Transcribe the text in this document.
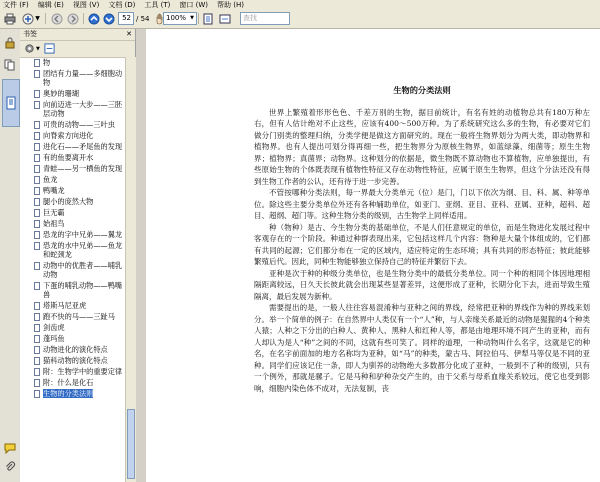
文件 (F) 编辑 (E) 视图 (V) 文档 (D) 工具 (T) 窗口 (W) 帮助 (H)
▼	52 / 54	100% ▼	查找
书签	✕
▼
物
团结有力量——多细胞动物
奥妙的珊瑚
向前迈进一大步——三胚层动物
可贵的动物——三叶虫
向脊索方向进化
进化石——矛尾鱼的发现
有的鱼要离开水
青蛙——另一栖鱼的发现
鱼龙
鸭嘴龙
腿小的庞然大物
巨无霸
始祖鸟
恐龙的字中兄弟——翼龙
恐龙的水中兄弟——鱼龙和蛇颈龙
动物中的优胜者——哺乳动物
下蛋的哺乳动物——鸭嘴兽
塔斯马尼亚虎
跑不快的马——三趾马
剑齿虎
蓬玛鱼
动物进化的演化特点
猫科动物的演化特点
附：生物学中的重要定律
附：什么是化石
生物的分类法则
生物的分类法则

世界上繁殖着形形色色、千差万别的生物，据目前统计，有名有姓的动植物总共有180万种左右，但有人估计绝对不止这些，应该有400～500万种。为了系统研究这么多的生物，有必要对它们做分门别类的整理归纳，分类学便是做这方面研究的。现在一般将生物界划分为两大类，即动物界和植物界。也有人提出可划分得再细一些，把生物界分为原核生物界，如蓝绿藻、细菌等；原生生物界；植物界；真菌界；动物界。这种划分的依据是，微生物既不算动物也不算植物，应单独提出，有些原始生物的个体既表现有植物性特征又存在动物性特征，应属于原生生物界，但这个分法还没有得到生物工作者的公认，还有待于进一步完善。

不管按哪种分类法则，每一界最大分类单元（位）是门，门以下依次为纲、目、科、属、种等单位。除这些主要分类单位外还有各种辅助单位，如亚门、亚纲、亚目、亚科、亚属、亚种，超科、超目、超纲、超门等。这种生物分类的级别，古生物学上同样适用。

种（物种）是古、今生物分类的基础单位，不是人们任意规定的单位，而是生物进化发展过程中客观存在的一个阶段。种通过种群表现出来，它包括这样几个内容：物种是大量个体组成的，它们都有共同的起源；它们都分布在一定的区域内，适应特定的生态环境；具有共同的形态特征；彼此能够繁殖后代。因此，同种生物能够独立保持自己的特征并繁衍下去。

亚种是次于种的种级分类单位，也是生物分类中的最低分类单位。同一个种的相同个体因地理相隔距离较远，日久天长彼此就会出现某些显著差异，这便形成了亚种，长期分化下去，进而导致生殖隔离，最后发展为新种。

需要提出的是，一般人往往容易混淆种与亚种之间的界线，经常把亚种的界线作为种的界线来划分。举一个简单的例子：在自然界中人类仅有一个“人”种，与人亲缘关系最近的动物是猩猩的4个种类人猿；人种之下分出的白种人、黄种人、黑种人和红种人等，都是由地理环境不同产生的亚种，而有人却认为是人“种”之间的不同，这就有些可笑了。同样的道理，一种动物叫什么名字，这就是它的种名，在名字前面加的地方名称均为亚种，如“马”的种类，蒙古马、阿拉伯马、伊犁马等仅是不同的亚种。同学们应该记住一条，即人为驯养的动物绝大多数都分化成了亚种，一般到不了种的级别，只有一个例外，那就是骡子。它是马种和驴种杂交产生的，由于父系与母系血缘关系较远，使它也受到影响，细胞内染色体不成对，无法复制，丧
